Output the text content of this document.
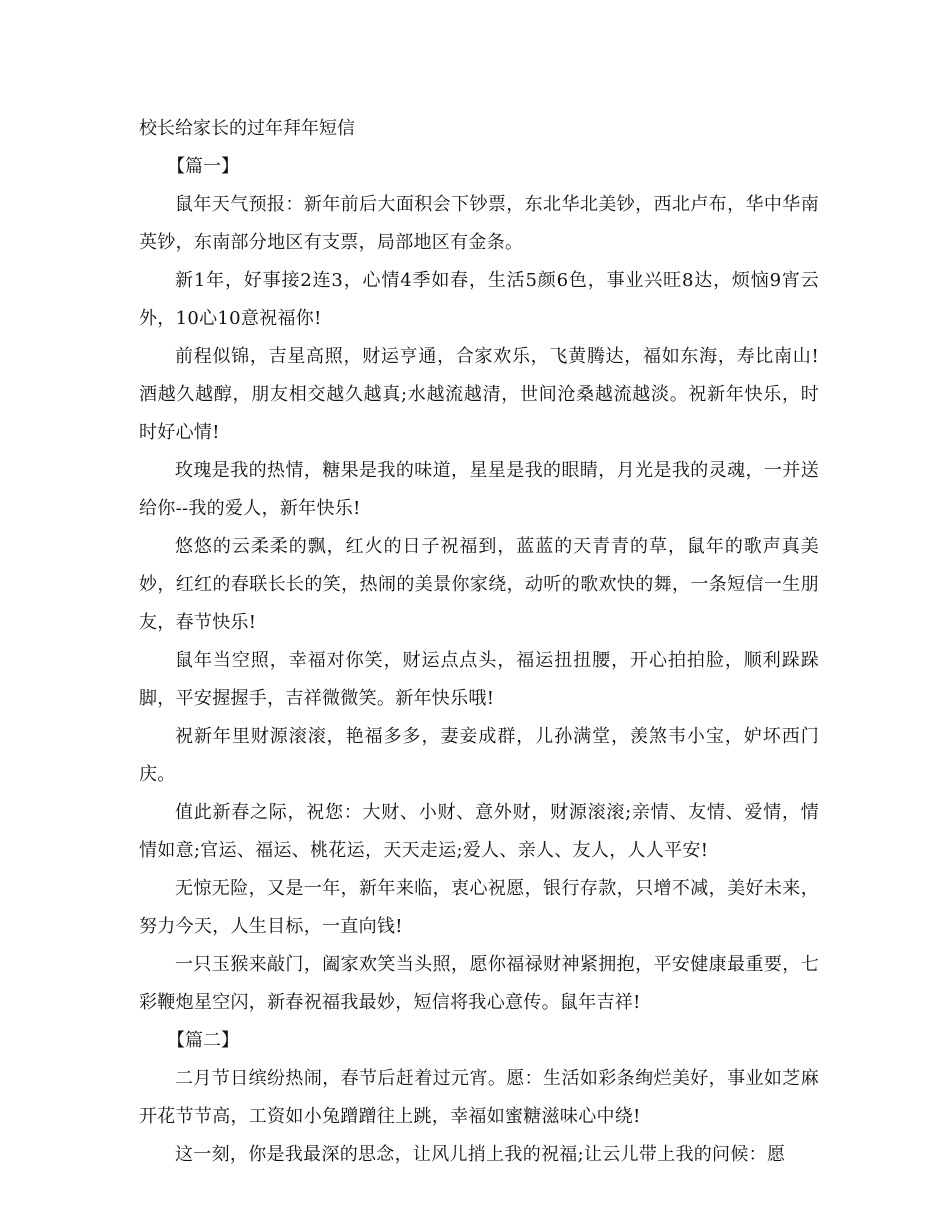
校长给家长的过年拜年短信

【篇一】

鼠年天气预报：新年前后大面积会下钞票，东北华北美钞，西北卢布，华中华南英钞，东南部分地区有支票，局部地区有金条。

新1年，好事接2连3，心情4季如春，生活5颜6色，事业兴旺8达，烦恼9宵云外，10心10意祝福你!

前程似锦，吉星高照，财运亨通，合家欢乐，飞黄腾达，福如东海，寿比南山!酒越久越醇，朋友相交越久越真;水越流越清，世间沧桑越流越淡。祝新年快乐，时时好心情!

玫瑰是我的热情，糖果是我的味道，星星是我的眼睛，月光是我的灵魂，一并送给你--我的爱人，新年快乐!

悠悠的云柔柔的飘，红火的日子祝福到，蓝蓝的天青青的草，鼠年的歌声真美妙，红红的春联长长的笑，热闹的美景你家绕，动听的歌欢快的舞，一条短信一生朋友，春节快乐!

鼠年当空照，幸福对你笑，财运点点头，福运扭扭腰，开心拍拍脸，顺利跺跺脚，平安握握手，吉祥微微笑。新年快乐哦!

祝新年里财源滚滚，艳福多多，妻妾成群，儿孙满堂，羡煞韦小宝，妒坏西门庆。

值此新春之际，祝您：大财、小财、意外财，财源滚滚;亲情、友情、爱情，情情如意;官运、福运、桃花运，天天走运;爱人、亲人、友人，人人平安!

无惊无险，又是一年，新年来临，衷心祝愿，银行存款，只增不减，美好未来，努力今天，人生目标，一直向钱!

一只玉猴来敲门，阖家欢笑当头照，愿你福禄财神紧拥抱，平安健康最重要，七彩鞭炮星空闪，新春祝福我最妙，短信将我心意传。鼠年吉祥!

【篇二】

二月节日缤纷热闹，春节后赶着过元宵。愿：生活如彩条绚烂美好，事业如芝麻开花节节高，工资如小兔蹭蹭往上跳，幸福如蜜糖滋味心中绕!

这一刻，你是我最深的思念，让风儿捎上我的祝福;让云儿带上我的问候：愿
